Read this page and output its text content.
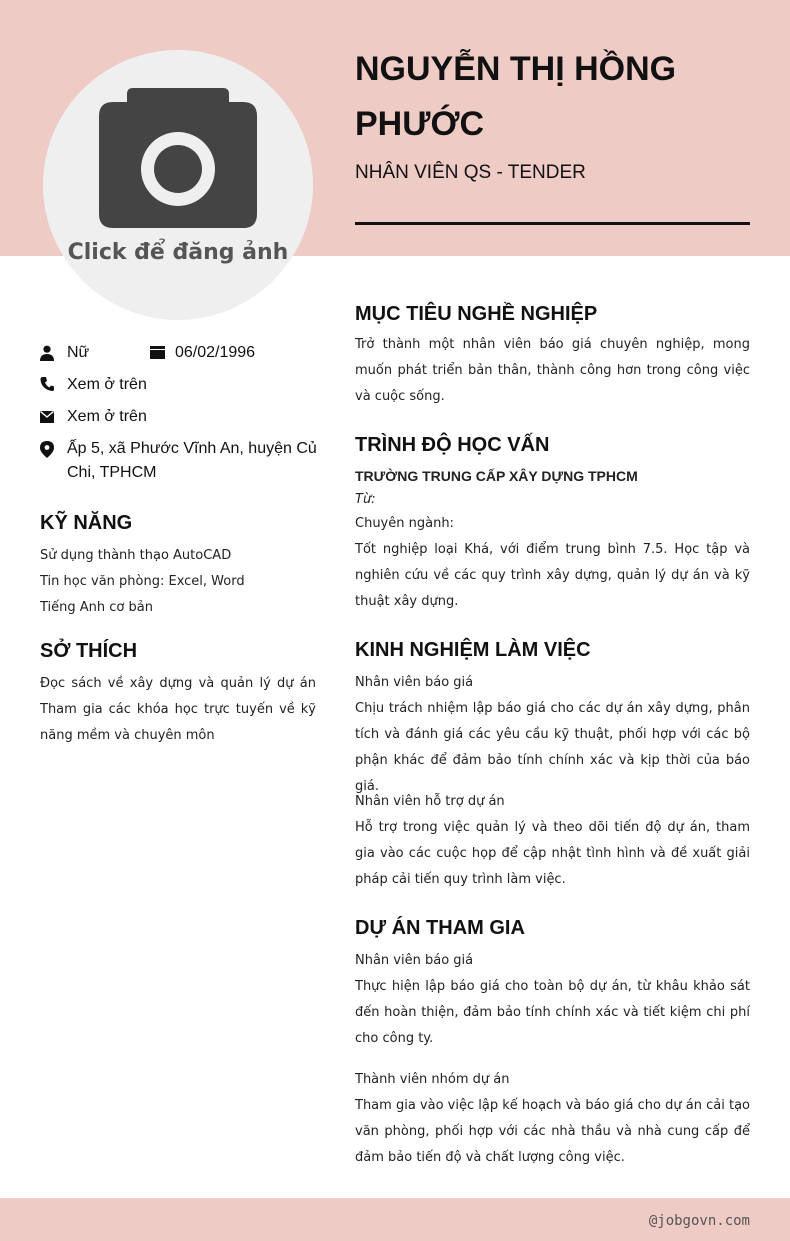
Click để đăng ảnh
NGUYỄN THỊ HỒNG PHƯỚC
NHÂN VIÊN QS - TENDER
Nữ	06/02/1996
Xem ở trên
Xem ở trên
Ấp 5, xã Phước Vĩnh An, huyện Củ Chi, TPHCM
KỸ NĂNG
Sử dụng thành thạo AutoCAD
Tin học văn phòng: Excel, Word
Tiếng Anh cơ bản
SỞ THÍCH
Đọc sách về xây dựng và quản lý dự án Tham gia các khóa học trực tuyến về kỹ năng mềm và chuyên môn
MỤC TIÊU NGHỀ NGHIỆP
Trở thành một nhân viên báo giá chuyên nghiệp, mong muốn phát triển bản thân, thành công hơn trong công việc và cuộc sống.
TRÌNH ĐỘ HỌC VẤN
TRƯỜNG TRUNG CẤP XÂY DỰNG TPHCM
Từ:
Chuyên ngành:
Tốt nghiệp loại Khá, với điểm trung bình 7.5. Học tập và nghiên cứu về các quy trình xây dựng, quản lý dự án và kỹ thuật xây dựng.
KINH NGHIỆM LÀM VIỆC
Nhân viên báo giá
Chịu trách nhiệm lập báo giá cho các dự án xây dựng, phân tích và đánh giá các yêu cầu kỹ thuật, phối hợp với các bộ phận khác để đảm bảo tính chính xác và kịp thời của báo giá.
Nhân viên hỗ trợ dự án
Hỗ trợ trong việc quản lý và theo dõi tiến độ dự án, tham gia vào các cuộc họp để cập nhật tình hình và đề xuất giải pháp cải tiến quy trình làm việc.
DỰ ÁN THAM GIA
Nhân viên báo giá
Thực hiện lập báo giá cho toàn bộ dự án, từ khâu khảo sát đến hoàn thiện, đảm bảo tính chính xác và tiết kiệm chi phí cho công ty.
Thành viên nhóm dự án
Tham gia vào việc lập kế hoạch và báo giá cho dự án cải tạo văn phòng, phối hợp với các nhà thầu và nhà cung cấp để đảm bảo tiến độ và chất lượng công việc.
@jobgovn.com
